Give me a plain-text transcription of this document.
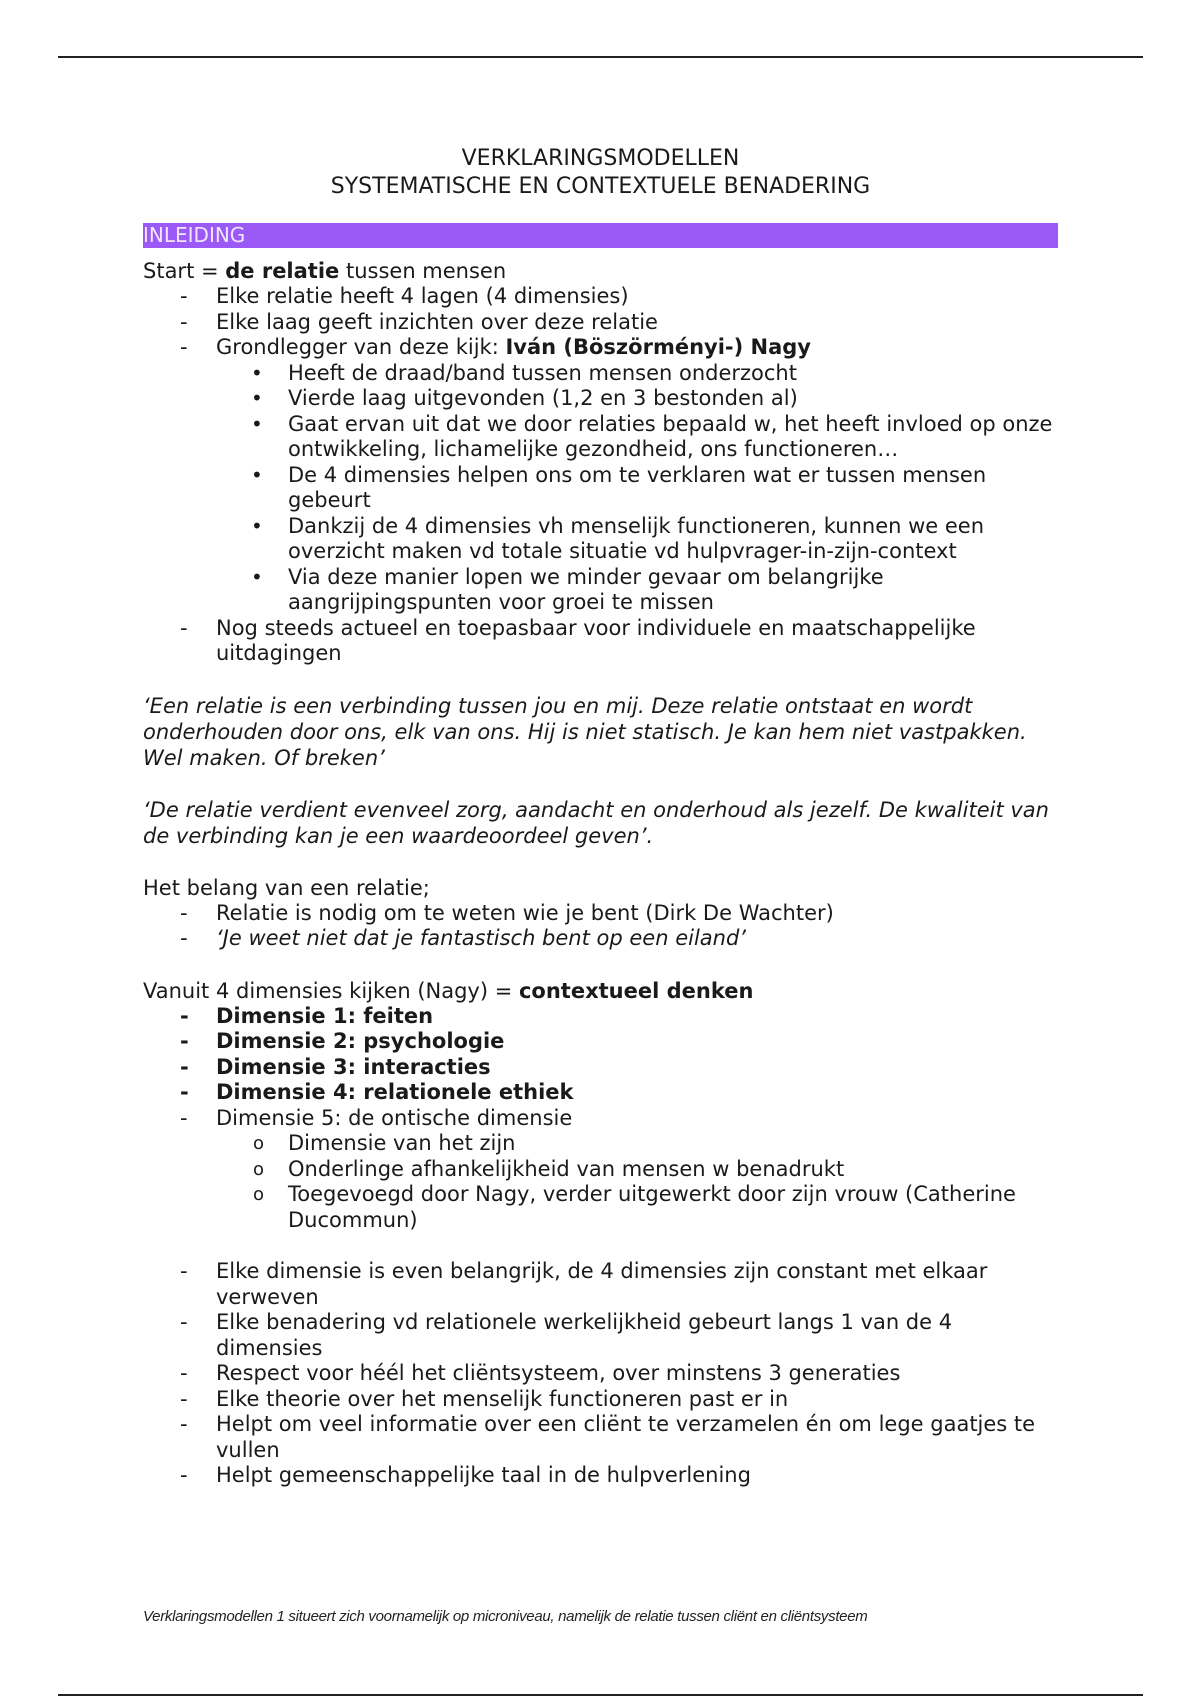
VERKLARINGSMODELLEN
SYSTEMATISCHE EN CONTEXTUELE BENADERING
INLEIDING
Start = de relatie tussen mensen
- Elke relatie heeft 4 lagen (4 dimensies)
- Elke laag geeft inzichten over deze relatie
- Grondlegger van deze kijk: Iván (Böszörményi-) Nagy
• Heeft de draad/band tussen mensen onderzocht
• Vierde laag uitgevonden (1,2 en 3 bestonden al)
• Gaat ervan uit dat we door relaties bepaald w, het heeft invloed op onze ontwikkeling, lichamelijke gezondheid, ons functioneren…
• De 4 dimensies helpen ons om te verklaren wat er tussen mensen gebeurt
• Dankzij de 4 dimensies vh menselijk functioneren, kunnen we een overzicht maken vd totale situatie vd hulpvrager-in-zijn-context
• Via deze manier lopen we minder gevaar om belangrijke aangrijpingspunten voor groei te missen
- Nog steeds actueel en toepasbaar voor individuele en maatschappelijke uitdagingen
‘Een relatie is een verbinding tussen jou en mij. Deze relatie ontstaat en wordt onderhouden door ons, elk van ons. Hij is niet statisch. Je kan hem niet vastpakken. Wel maken. Of breken’
‘De relatie verdient evenveel zorg, aandacht en onderhoud als jezelf. De kwaliteit van de verbinding kan je een waardeoordeel geven’.
Het belang van een relatie;
- Relatie is nodig om te weten wie je bent (Dirk De Wachter)
- ‘Je weet niet dat je fantastisch bent op een eiland’
Vanuit 4 dimensies kijken (Nagy) = contextueel denken
- Dimensie 1: feiten
- Dimensie 2: psychologie
- Dimensie 3: interacties
- Dimensie 4: relationele ethiek
- Dimensie 5: de ontische dimensie
o Dimensie van het zijn
o Onderlinge afhankelijkheid van mensen w benadrukt
o Toegevoegd door Nagy, verder uitgewerkt door zijn vrouw (Catherine Ducommun)
- Elke dimensie is even belangrijk, de 4 dimensies zijn constant met elkaar verweven
- Elke benadering vd relationele werkelijkheid gebeurt langs 1 van de 4 dimensies
- Respect voor héél het cliëntsysteem, over minstens 3 generaties
- Elke theorie over het menselijk functioneren past er in
- Helpt om veel informatie over een cliënt te verzamelen én om lege gaatjes te vullen
- Helpt gemeenschappelijke taal in de hulpverlening
Verklaringsmodellen 1 situeert zich voornamelijk op microniveau, namelijk de relatie tussen cliënt en cliëntsysteem
